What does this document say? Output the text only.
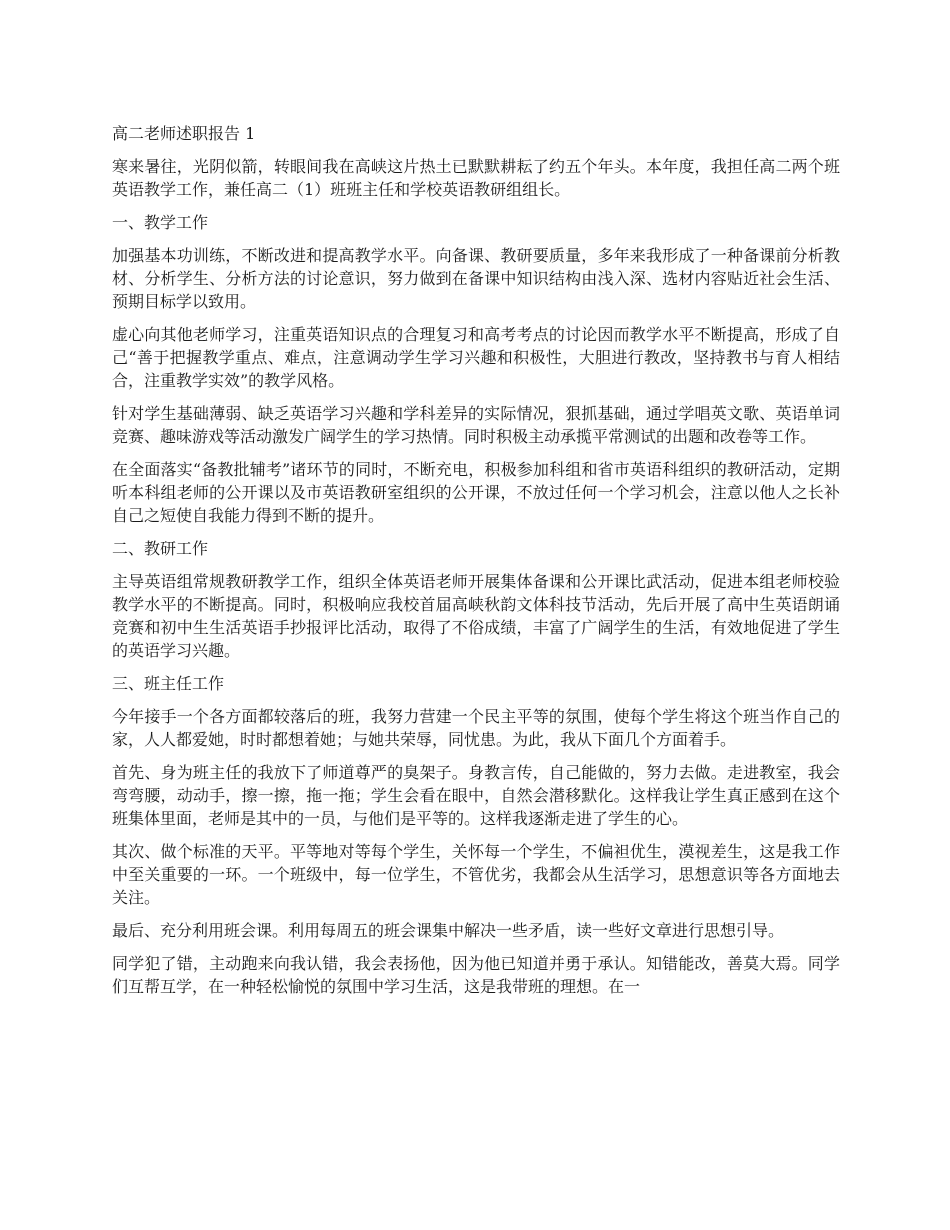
高二老师述职报告 1

寒来暑往，光阴似箭，转眼间我在高峡这片热土已默默耕耘了约五个年头。本年度，我担任高二两个班英语教学工作，兼任高二（1）班班主任和学校英语教研组组长。

一、教学工作

加强基本功训练，不断改进和提高教学水平。向备课、教研要质量，多年来我形成了一种备课前分析教材、分析学生、分析方法的讨论意识，努力做到在备课中知识结构由浅入深、选材内容贴近社会生活、预期目标学以致用。

虚心向其他老师学习，注重英语知识点的合理复习和高考考点的讨论因而教学水平不断提高，形成了自己“善于把握教学重点、难点，注意调动学生学习兴趣和积极性，大胆进行教改，坚持教书与育人相结合，注重教学实效”的教学风格。

针对学生基础薄弱、缺乏英语学习兴趣和学科差异的实际情况，狠抓基础，通过学唱英文歌、英语单词竞赛、趣味游戏等活动激发广阔学生的学习热情。同时积极主动承揽平常测试的出题和改卷等工作。

在全面落实“备教批辅考”诸环节的同时，不断充电，积极参加科组和省市英语科组织的教研活动，定期听本科组老师的公开课以及市英语教研室组织的公开课，不放过任何一个学习机会，注意以他人之长补自己之短使自我能力得到不断的提升。

二、教研工作

主导英语组常规教研教学工作，组织全体英语老师开展集体备课和公开课比武活动，促进本组老师校验教学水平的不断提高。同时，积极响应我校首届高峡秋韵文体科技节活动，先后开展了高中生英语朗诵竞赛和初中生生活英语手抄报评比活动，取得了不俗成绩，丰富了广阔学生的生活，有效地促进了学生的英语学习兴趣。

三、班主任工作

今年接手一个各方面都较落后的班，我努力营建一个民主平等的氛围，使每个学生将这个班当作自己的家，人人都爱她，时时都想着她；与她共荣辱，同忧患。为此，我从下面几个方面着手。

首先、身为班主任的我放下了师道尊严的臭架子。身教言传，自己能做的，努力去做。走进教室，我会弯弯腰，动动手，擦一擦，拖一拖；学生会看在眼中，自然会潜移默化。这样我让学生真正感到在这个班集体里面，老师是其中的一员，与他们是平等的。这样我逐渐走进了学生的心。

其次、做个标准的天平。平等地对等每个学生，关怀每一个学生，不偏袒优生，漠视差生，这是我工作中至关重要的一环。一个班级中，每一位学生，不管优劣，我都会从生活学习，思想意识等各方面地去关注。

最后、充分利用班会课。利用每周五的班会课集中解决一些矛盾，读一些好文章进行思想引导。

同学犯了错，主动跑来向我认错，我会表扬他，因为他已知道并勇于承认。知错能改，善莫大焉。同学们互帮互学，在一种轻松愉悦的氛围中学习生活，这是我带班的理想。在一
